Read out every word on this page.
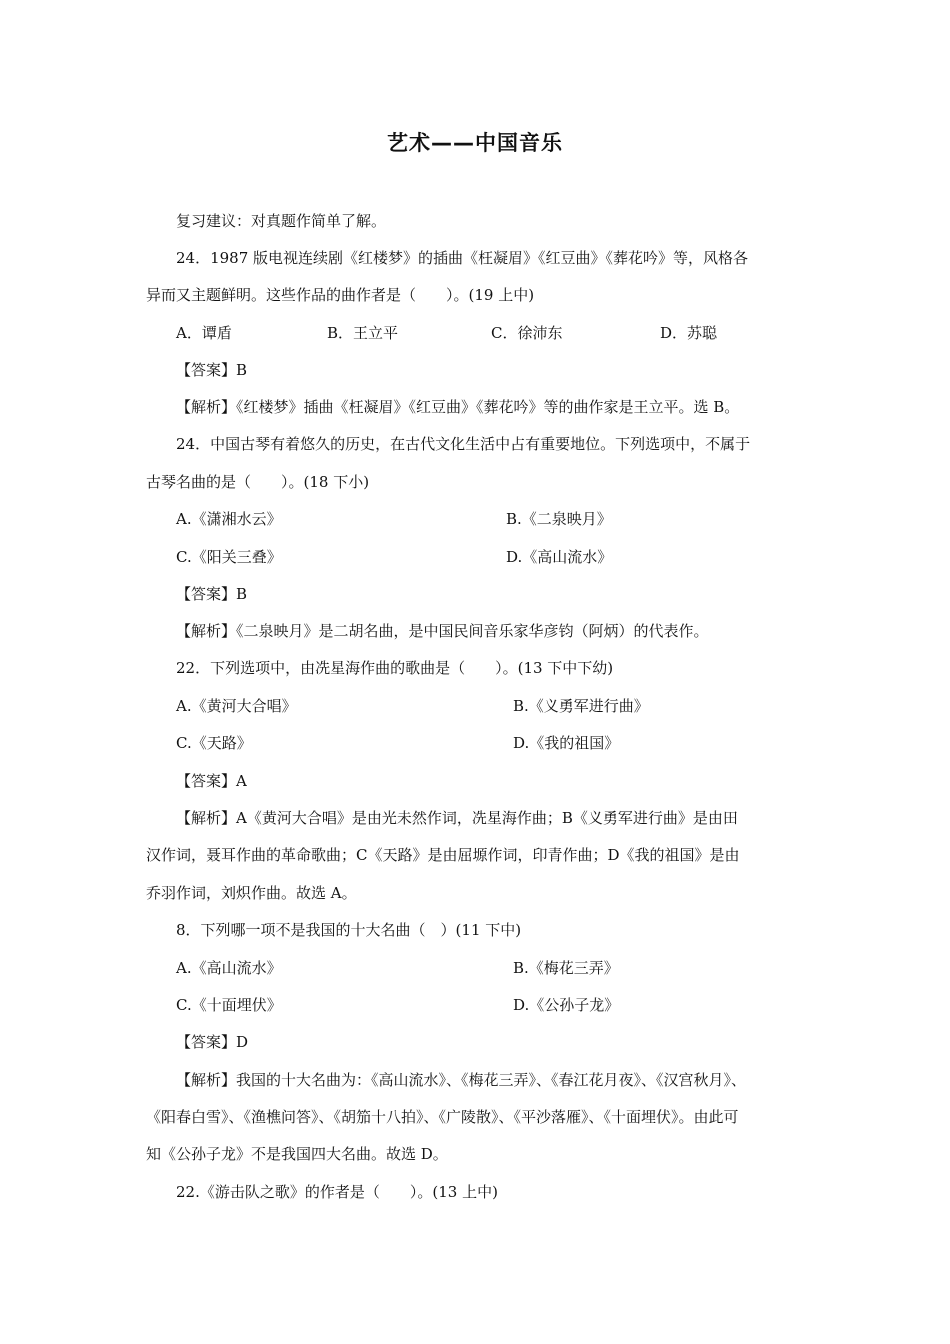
艺术——中国音乐
复习建议：对真题作简单了解。
24．1987 版电视连续剧《红楼梦》的插曲《枉凝眉》《红豆曲》《葬花吟》等，风格各
异而又主题鲜明。这些作品的曲作者是（　　）。(19 上中)
A．谭盾	B．王立平	C．徐沛东	D．苏聪
【答案】B
【解析】《红楼梦》插曲《枉凝眉》《红豆曲》《葬花吟》等的曲作家是王立平。选 B。
24．中国古琴有着悠久的历史，在古代文化生活中占有重要地位。下列选项中，不属于
古琴名曲的是（　　）。(18 下小)
A.《潇湘水云》	B.《二泉映月》
C.《阳关三叠》	D.《高山流水》
【答案】B
【解析】《二泉映月》是二胡名曲，是中国民间音乐家华彦钧（阿炳）的代表作。
22．下列选项中，由冼星海作曲的歌曲是（　　）。(13 下中下幼)
A.《黄河大合唱》	B.《义勇军进行曲》
C.《天路》	D.《我的祖国》
【答案】A
【解析】A《黄河大合唱》是由光未然作词，冼星海作曲；B《义勇军进行曲》是由田
汉作词，聂耳作曲的革命歌曲；C《天路》是由屈塬作词，印青作曲；D《我的祖国》是由
乔羽作词，刘炽作曲。故选 A。
8．下列哪一项不是我国的十大名曲（　）(11 下中)
A.《高山流水》	B.《梅花三弄》
C.《十面埋伏》	D.《公孙子龙》
【答案】D
【解析】我国的十大名曲为：《高山流水》、《梅花三弄》、《春江花月夜》、《汉宫秋月》、
《阳春白雪》、《渔樵问答》、《胡笳十八拍》、《广陵散》、《平沙落雁》、《十面埋伏》。由此可
知《公孙子龙》不是我国四大名曲。故选 D。
22.《游击队之歌》的作者是（　　）。(13 上中)
